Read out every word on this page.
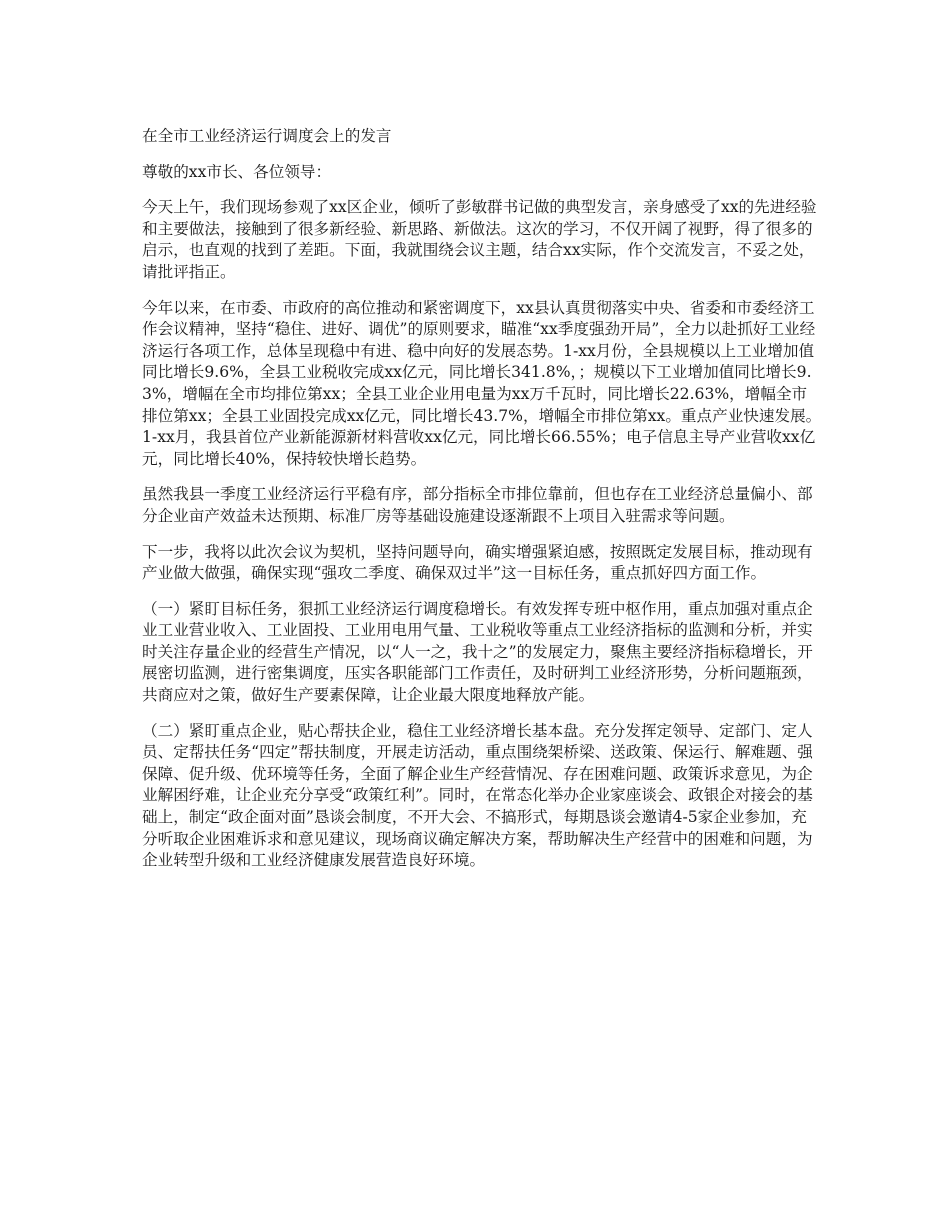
在全市工业经济运行调度会上的发言

尊敬的xx市长、各位领导：

今天上午，我们现场参观了xx区企业，倾听了彭敏群书记做的典型发言，亲身感受了xx的先进经验和主要做法，接触到了很多新经验、新思路、新做法。这次的学习，不仅开阔了视野，得了很多的启示，也直观的找到了差距。下面，我就围绕会议主题，结合xx实际，作个交流发言，不妥之处，请批评指正。

今年以来，在市委、市政府的高位推动和紧密调度下，xx县认真贯彻落实中央、省委和市委经济工作会议精神，坚持“稳住、进好、调优”的原则要求，瞄准“xx季度强劲开局”，全力以赴抓好工业经济运行各项工作，总体呈现稳中有进、稳中向好的发展态势。1-xx月份，全县规模以上工业增加值同比增长9.6%，全县工业税收完成xx亿元，同比增长341.8%，；规模以下工业增加值同比增长9.3%，增幅在全市均排位第xx；全县工业企业用电量为xx万千瓦时，同比增长22.63%，增幅全市排位第xx；全县工业固投完成xx亿元，同比增长43.7%，增幅全市排位第xx。重点产业快速发展。1-xx月，我县首位产业新能源新材料营收xx亿元，同比增长66.55%；电子信息主导产业营收xx亿元，同比增长40%，保持较快增长趋势。

虽然我县一季度工业经济运行平稳有序，部分指标全市排位靠前，但也存在工业经济总量偏小、部分企业亩产效益未达预期、标准厂房等基础设施建设逐渐跟不上项目入驻需求等问题。

下一步，我将以此次会议为契机，坚持问题导向，确实增强紧迫感，按照既定发展目标，推动现有产业做大做强，确保实现“强攻二季度、确保双过半”这一目标任务，重点抓好四方面工作。

（一）紧盯目标任务，狠抓工业经济运行调度稳增长。有效发挥专班中枢作用，重点加强对重点企业工业营业收入、工业固投、工业用电用气量、工业税收等重点工业经济指标的监测和分析，并实时关注存量企业的经营生产情况，以“人一之，我十之”的发展定力，聚焦主要经济指标稳增长，开展密切监测，进行密集调度，压实各职能部门工作责任，及时研判工业经济形势，分析问题瓶颈，共商应对之策，做好生产要素保障，让企业最大限度地释放产能。

（二）紧盯重点企业，贴心帮扶企业，稳住工业经济增长基本盘。充分发挥定领导、定部门、定人员、定帮扶任务“四定”帮扶制度，开展走访活动，重点围绕架桥梁、送政策、保运行、解难题、强保障、促升级、优环境等任务，全面了解企业生产经营情况、存在困难问题、政策诉求意见，为企业解困纾难，让企业充分享受“政策红利”。同时，在常态化举办企业家座谈会、政银企对接会的基础上，制定“政企面对面”恳谈会制度，不开大会、不搞形式，每期恳谈会邀请4-5家企业参加，充分听取企业困难诉求和意见建议，现场商议确定解决方案，帮助解决生产经营中的困难和问题，为企业转型升级和工业经济健康发展营造良好环境。
